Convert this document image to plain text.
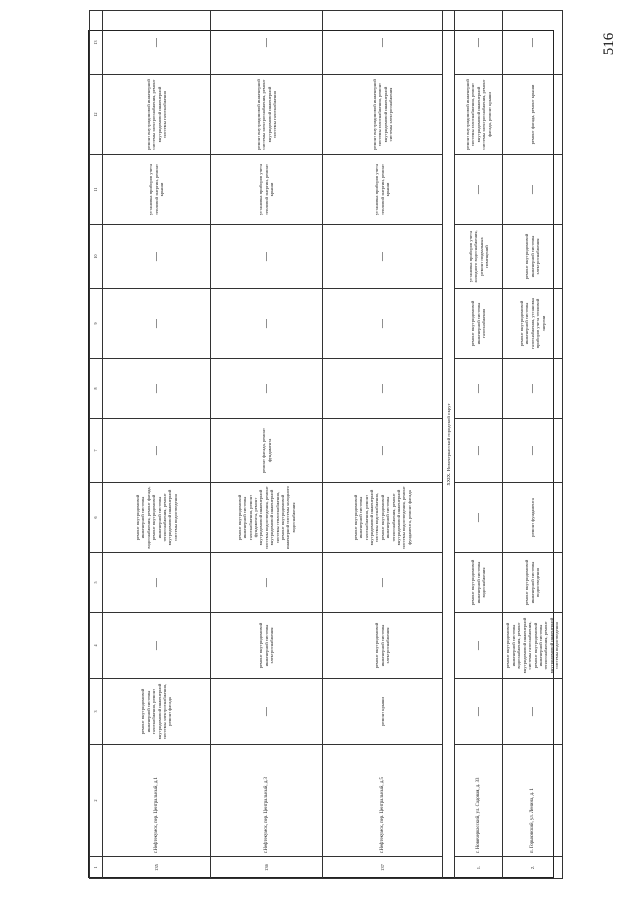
516
1	2	3	4	5	6	7	8	9	10	11	12	13
135	г.Нефтекумск, пер. Центральный, д.1	ремонт внутридомовой инженерной системы газоснабжения, ремонт внутридомовой инженерной системы электроснабжения, ремонт фасада	—	—	ремонт внутридомовой инженерной системы водоснабжения, ремонт фасада, ремонт внутридомовой инженерной системы теплоснабжения, ремонт внутридомовой инженерной системы водоотведения	—	—	—	—	установка приборов учета тепловой энергии, ремонт крыши	ремонт внутридомовой инженерной системы электроснабжения, ремонт внутридомовой инженерной системы газоснабжения	—
136	г.Нефтекумск, пер. Центральный, д.3	—	ремонт внутридомовой инженерной системы электроснабжения	—	ремонт внутридомовой инженерной системы газоснабжения, ремонт фундамента, ремонт внутридомовой инженерной системы водоотведения, ремонт внутридомовой инженерной системы теплоснабжения, ремонт внутридомовой инженерной системы холодного водоснабжения	ремонт фасада, ремонт фундамента	—	—	—	установка приборов учета тепловой энергии, ремонт крыши	ремонт внутридомовой инженерной системы электроснабжения, ремонт внутридомовой инженерной системы газоснабжения	—
137	г.Нефтекумск, пер. Центральный, д.5	ремонт крыши	ремонт внутридомовой инженерной системы электроснабжения	—	ремонт внутридомовой инженерной системы газоснабжения, ремонт внутридомовой инженерной системы водоснабжения, ремонт внутридомовой инженерной системы теплоснабжения, ремонт внутридомовой инженерной системы водоотведения, ремонт фундамента, ремонт фасада	—	—	—	—	установка приборов учета тепловой энергии, ремонт крыши	ремонт внутридомовой инженерной системы газоснабжения, ремонт внутридомовой инженерной системы электроснабжения	—
XXIX. Новочеркасский городской округ												
1.	г. Новочеркасский, ул. Садовая, д. 33	—	—	ремонт внутридомовой инженерной системы водоснабжения	—	—	—	ремонт внутридомовой инженерной системы газоснабжения	установка приборов учета холодного водоснабжения, ремонт подвальных помещений	—	ремонт внутридомовой инженерной системы газоснабжения, ремонт внутридомовой инженерной системы электроснабжения, ремонт фасада, ремонт крыши	—
2.	п. Горьковский, ул. Ленина, д. 1	—	ремонт внутридомовой инженерной системы водоснабжения, ремонт внутридомовой инженерной системы газоснабжения, ремонт внутридомовой инженерной системы теплоснабжения, ремонт внутридомовой инженерной системы водоотведения	ремонт внутридомовой инженерной системы водоотведения	ремонт фундамента	—	—	ремонт внутридомовой инженерной системы газоснабжения, установка приборов учета тепловой энергии	ремонт внутридомовой инженерной системы электроснабжения	—	ремонт фасада, ремонт крыши	—
